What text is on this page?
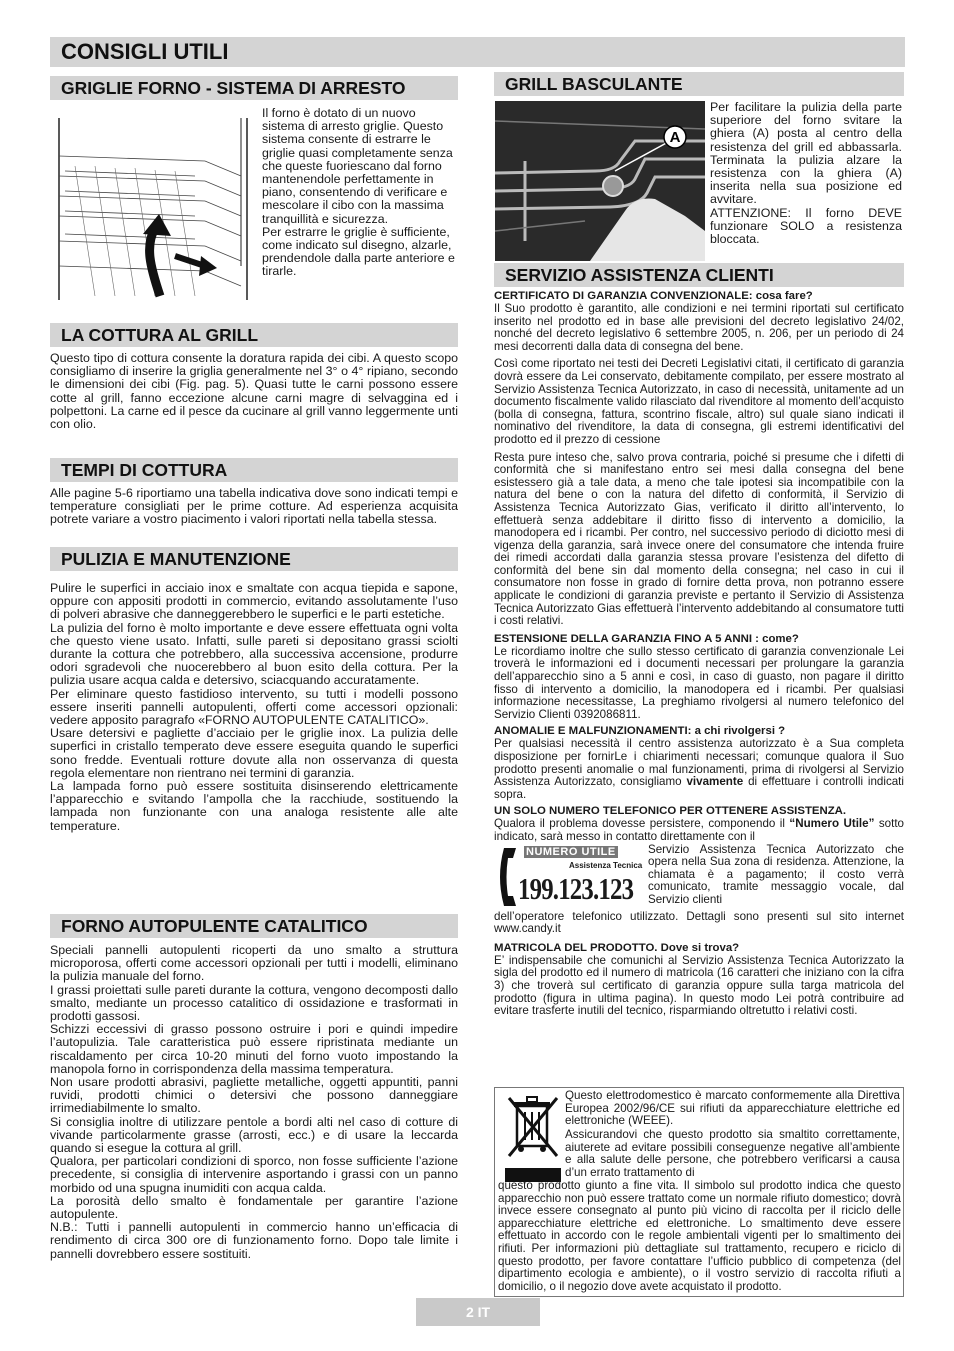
CONSIGLI UTILI
GRIGLIE FORNO - SISTEMA DI ARRESTO

Il forno è dotato di un nuovo sistema di arresto griglie. Questo sistema consente di estrarre le griglie quasi completamente senza che queste fuoriescano dal forno mantenendole perfettamente in piano, consentendo di verificare e mescolare il cibo con la massima tranquillità e sicurezza.

Per estrarre le griglie è sufficiente, come indicato sul disegno, alzarle, prendendole dalla parte anteriore e tirarle.

LA COTTURA AL GRILL

Questo tipo di cottura consente la doratura rapida dei cibi. A questo scopo consigliamo di inserire la griglia generalmente nel 3° o 4° ripiano, secondo le dimensioni dei cibi (Fig. pag. 5). Quasi tutte le carni possono essere cotte al grill, fanno eccezione alcune carni magre di selvaggina ed i polpettoni. La carne ed il pesce da cucinare al grill vanno leggermente unti con olio.

TEMPI DI COTTURA

Alle pagine 5-6 riportiamo una tabella indicativa dove sono indicati tempi e temperature consigliati per le prime cotture. Ad esperienza acquisita potrete variare a vostro piacimento i valori riportati nella tabella stessa.

PULIZIA E MANUTENZIONE

Pulire le superfici in acciaio inox e smaltate con acqua tiepida e sapone, oppure con appositi prodotti in commercio, evitando assolutamente l’uso di polveri abrasive che danneggerebbero le superfici e le parti estetiche.

La pulizia del forno è molto importante e deve essere effettuata ogni volta che questo viene usato. Infatti, sulle pareti si depositano grassi sciolti durante la cottura che potrebbero, alla successiva accensione, produrre odori sgradevoli che nuocerebbero al buon esito della cottura. Per la pulizia usare acqua calda e detersivo, sciacquando accuratamente.

Per eliminare questo fastidioso intervento, su tutti i modelli possono essere inseriti pannelli autopulenti, offerti come accessori opzionali: vedere apposito paragrafo «FORNO AUTOPULENTE CATALITICO».

Usare detersivi e pagliette d’acciaio per le griglie inox. La pulizia delle superfici in cristallo temperato deve essere eseguita quando le superfici sono fredde. Eventuali rotture dovute alla non osservanza di questa regola elementare non rientrano nei termini di garanzia.

La lampada forno può essere sostituita disinserendo elettricamente l’apparecchio e svitando l’ampolla che la racchiude, sostituendo la lampada non funzionante con una analoga resistente alle alte temperature.

FORNO AUTOPULENTE CATALITICO

Speciali pannelli autopulenti ricoperti da uno smalto a struttura microporosa, offerti come accessori opzionali per tutti i modelli, eliminano la pulizia manuale del forno.

I grassi proiettati sulle pareti durante la cottura, vengono decomposti dallo smalto, mediante un processo catalitico di ossidazione e trasformati in prodotti gassosi.

Schizzi eccessivi di grasso possono ostruire i pori e quindi impedire l’autopulizia. Tale caratteristica può essere ripristinata mediante un riscaldamento per circa 10-20 minuti del forno vuoto impostando la manopola forno in corrispondenza della massima temperatura.

Non usare prodotti abrasivi, pagliette metalliche, oggetti appuntiti, panni ruvidi, prodotti chimici o detersivi che possono danneggiare irrimediabilmente lo smalto.

Si consiglia inoltre di utilizzare pentole a bordi alti nel caso di cotture di vivande particolarmente grasse (arrosti, ecc.) e di usare la leccarda quando si esegue la cottura al grill.

Qualora, per particolari condizioni di sporco, non fosse sufficiente l’azione precedente, si consiglia di intervenire asportando i grassi con un panno morbido od una spugna inumiditi con acqua calda.

La porosità dello smalto è fondamentale per garantire l’azione autopulente.

N.B.: Tutti i pannelli autopulenti in commercio hanno un’efficacia di rendimento di circa 300 ore di funzionamento forno. Dopo tale limite i pannelli dovrebbero essere sostituiti.

GRILL BASCULANTE
A

Per facilitare la pulizia della parte superiore del forno svitare la ghiera (A) posta al centro della resistenza del grill ed abbassarla. Terminata la pulizia alzare la resistenza con la ghiera (A) inserita nella sua posizione ed avvitare.

ATTENZIONE: Il forno DEVE funzionare SOLO a resistenza bloccata.

SERVIZIO ASSISTENZA CLIENTI
CERTIFICATO DI GARANZIA CONVENZIONALE: cosa fare?

Il Suo prodotto è garantito, alle condizioni e nei termini riportati sul certificato inserito nel prodotto ed in base alle previsioni del decreto legislativo 24/02, nonché del decreto legislativo 6 settembre 2005, n. 206, per un periodo di 24 mesi decorrenti dalla data di consegna del bene.

Così come riportato nei testi dei Decreti Legislativi citati, il certificato di garanzia dovrà essere da Lei conservato, debitamente compilato, per essere mostrato al Servizio Assistenza Tecnica Autorizzato, in caso di necessità, unitamente ad un documento fiscalmente valido rilasciato dal rivenditore al momento dell’acquisto (bolla di consegna, fattura, scontrino fiscale, altro) sul quale siano indicati il nominativo del rivenditore, la data di consegna, gli estremi identificativi del prodotto ed il prezzo di cessione

Resta pure inteso che, salvo prova contraria, poiché si presume che i difetti di conformità che si manifestano entro sei mesi dalla consegna del bene esistessero già a tale data, a meno che tale ipotesi sia incompatibile con la natura del bene o con la natura del difetto di conformità, il Servizio di Assistenza Tecnica Autorizzato Gias, verificato il diritto all’intervento, lo effettuerà senza addebitare il diritto fisso di intervento a domicilio, la manodopera ed i ricambi. Per contro, nel successivo periodo di diciotto mesi di vigenza della garanzia, sarà invece onere del consumatore che intenda fruire dei rimedi accordati dalla garanzia stessa provare l’esistenza del difetto di conformità del bene sin dal momento della consegna; nel caso in cui il consumatore non fosse in grado di fornire detta prova, non potranno essere applicate le condizioni di garanzia previste e pertanto il Servizio di Assistenza Tecnica Autorizzato Gias effettuerà l’intervento addebitando al consumatore tutti i costi relativi.

ESTENSIONE DELLA GARANZIA FINO A 5 ANNI : come?

Le ricordiamo inoltre che sullo stesso certificato di garanzia convenzionale Lei troverà le informazioni ed i documenti necessari per prolungare la garanzia dell’apparecchio sino a 5 anni e così, in caso di guasto, non pagare il diritto fisso di intervento a domicilio, la manodopera ed i ricambi. Per qualsiasi informazione necessitasse, La preghiamo rivolgersi al numero telefonico del Servizio Clienti 0392086811.

ANOMALIE E MALFUNZIONAMENTI: a chi rivolgersi ?

Per qualsiasi necessità il centro assistenza autorizzato è a Sua completa disposizione per fornirLe i chiarimenti necessari; comunque qualora il Suo prodotto presenti anomalie o mal funzionamenti, prima di rivolgersi al Servizio Assistenza Autorizzato, consigliamo vivamente di effettuare i controlli indicati sopra.

UN SOLO NUMERO TELEFONICO PER OTTENERE ASSISTENZA.

Qualora il problema dovesse persistere, componendo il “Numero Utile” sotto indicato, sarà messo in contatto direttamente con il

NUMERO UTILE
Assistenza Tecnica
199.123.123

Servizio Assistenza Tecnica Autorizzato che opera nella Sua zona di residenza. Attenzione, la chiamata è a pagamento; il costo verrà comunicato, tramite messaggio vocale, dal Servizio clienti

dell’operatore telefonico utilizzato. Dettagli sono presenti sul sito internet www.candy.it

MATRICOLA DEL PRODOTTO. Dove si trova?

E’ indispensabile che comunichi al Servizio Assistenza Tecnica Autorizzato la sigla del prodotto ed il numero di matricola (16 caratteri che iniziano con la cifra 3) che troverà sul certificato di garanzia oppure sulla targa matricola del prodotto (figura in ultima pagina). In questo modo Lei potrà contribuire ad evitare trasferte inutili del tecnico, risparmiando oltretutto i relativi costi.

Questo elettrodomestico è marcato conformemente alla Direttiva Europea 2002/96/CE sui rifiuti da apparecchiature elettriche ed elettroniche (WEEE).

Assicurandovi che questo prodotto sia smaltito correttamente, aiuterete ad evitare possibili conseguenze negative all’ambiente e alla salute delle persone, che potrebbero verificarsi a causa d’un errato trattamento di

questo prodotto giunto a fine vita. Il simbolo sul prodotto indica che questo apparecchio non può essere trattato come un normale rifiuto domestico; dovrà invece essere consegnato al punto più vicino di raccolta per il riciclo delle apparecchiature elettriche ed elettroniche. Lo smaltimento deve essere effettuato in accordo con le regole ambientali vigenti per lo smaltimento dei rifiuti. Per informazioni più dettagliate sul trattamento, recupero e riciclo di questo prodotto, per favore contattare l’ufficio pubblico di competenza (del dipartimento ecologia e ambiente), o il vostro servizio di raccolta rifiuti a domicilio, o il negozio dove avete acquistato il prodotto.

2 IT
